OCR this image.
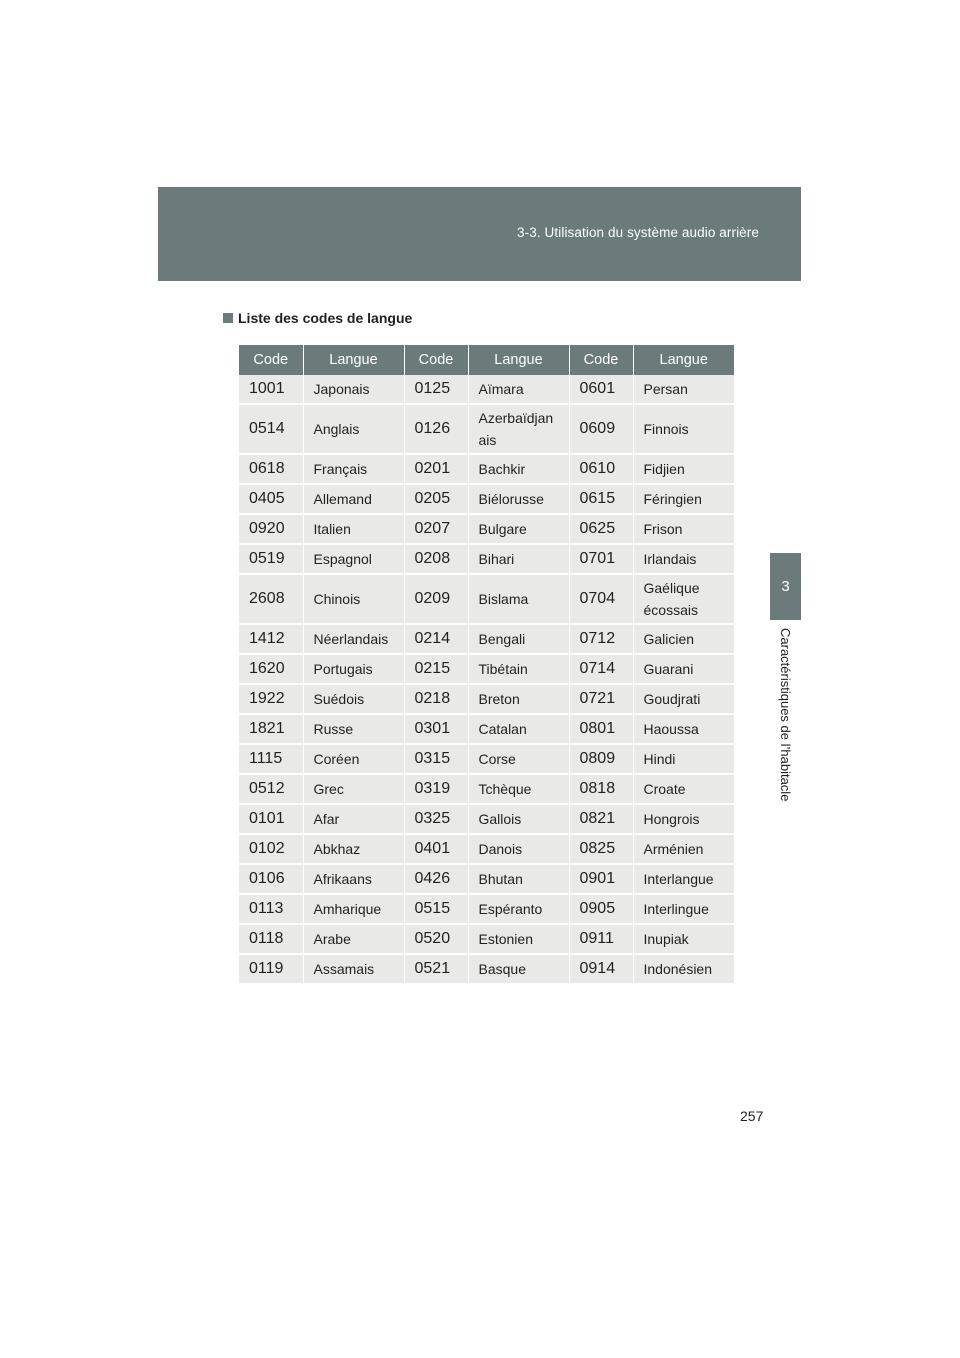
3-3. Utilisation du système audio arrière
3
Caractéristiques de l’habitacle
Liste des codes de langue
Code	Langue	Code	Langue	Code	Langue
1001	Japonais	0125	Aïmara	0601	Persan
0514	Anglais	0126	Azerbaïdjan ais	0609	Finnois
0618	Français	0201	Bachkir	0610	Fidjien
0405	Allemand	0205	Biélorusse	0615	Féringien
0920	Italien	0207	Bulgare	0625	Frison
0519	Espagnol	0208	Bihari	0701	Irlandais
2608	Chinois	0209	Bislama	0704	Gaélique écossais
1412	Néerlandais	0214	Bengali	0712	Galicien
1620	Portugais	0215	Tibétain	0714	Guarani
1922	Suédois	0218	Breton	0721	Goudjrati
1821	Russe	0301	Catalan	0801	Haoussa
1115	Coréen	0315	Corse	0809	Hindi
0512	Grec	0319	Tchèque	0818	Croate
0101	Afar	0325	Gallois	0821	Hongrois
0102	Abkhaz	0401	Danois	0825	Arménien
0106	Afrikaans	0426	Bhutan	0901	Interlangue
0113	Amharique	0515	Espéranto	0905	Interlingue
0118	Arabe	0520	Estonien	0911	Inupiak
0119	Assamais	0521	Basque	0914	Indonésien
257
